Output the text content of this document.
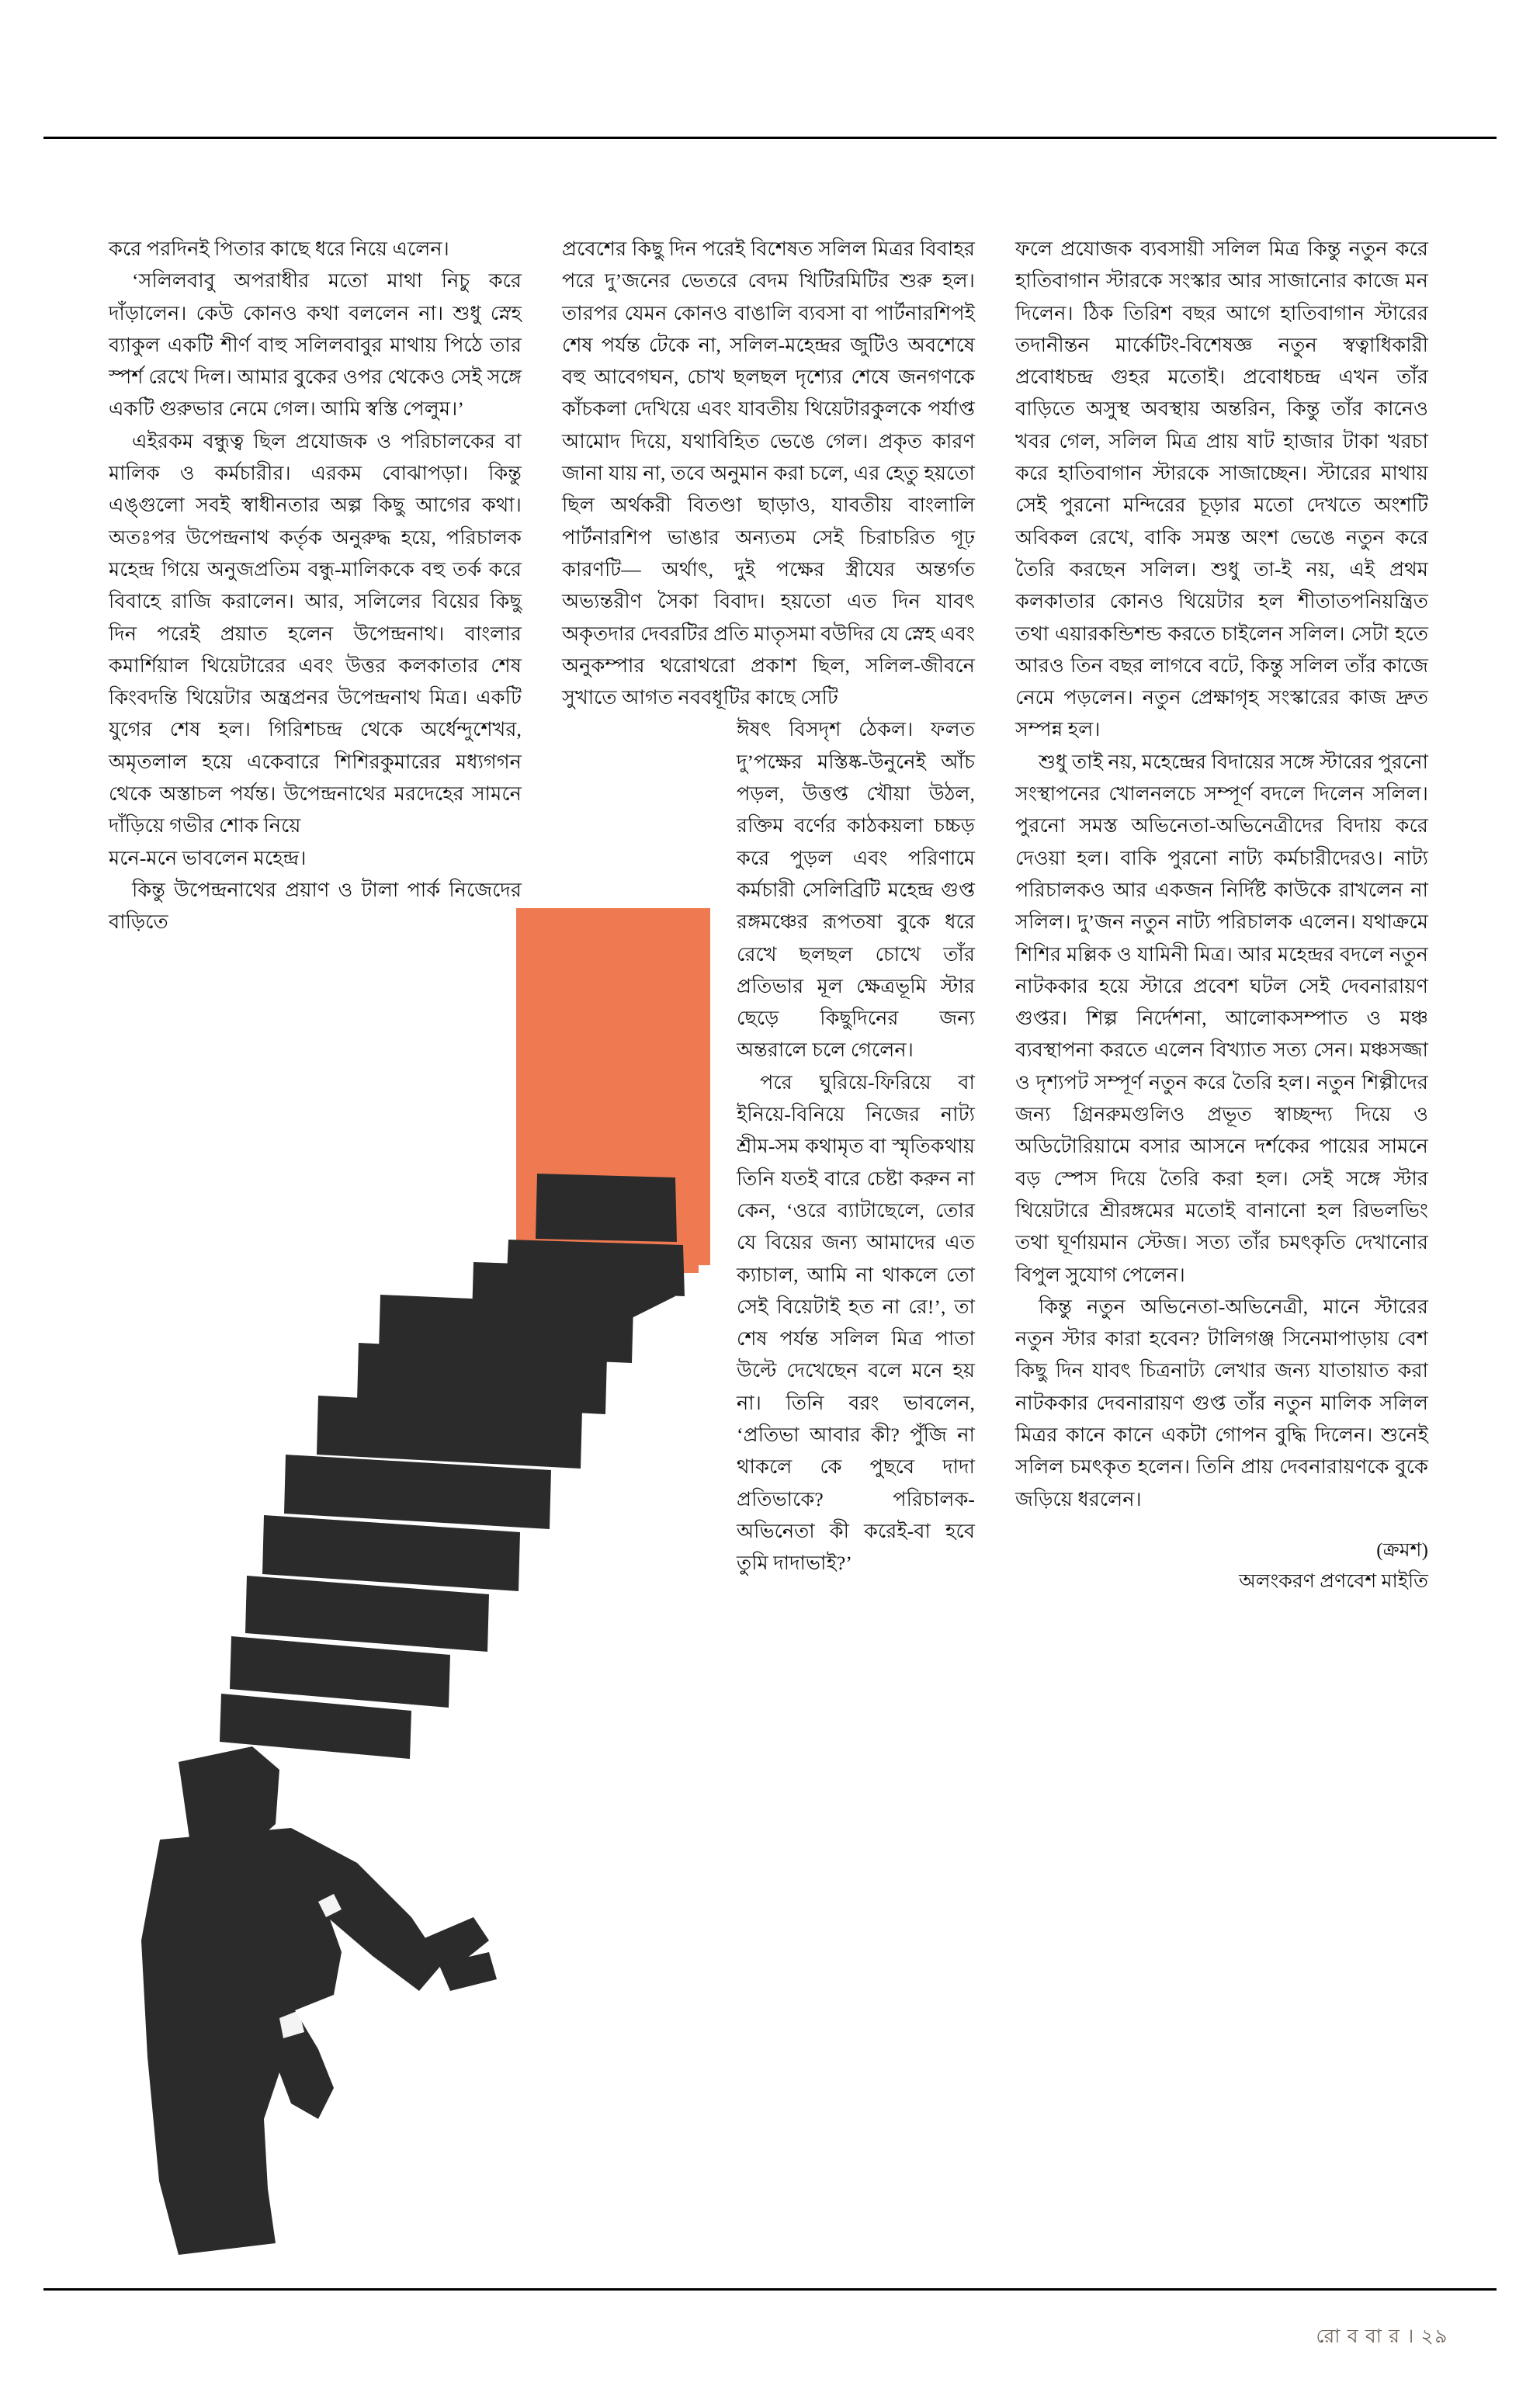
করে পরদিনই পিতার কাছে ধরে নিয়ে এলেন।

‘সলিলবাবু অপরাধীর মতো মাথা নিচু করে দাঁড়ালেন। কেউ কোনও কথা বললেন না। শুধু স্নেহ ব্যাকুল একটি শীর্ণ বাহু সলিলবাবুর মাথায় পিঠে তার স্পর্শ রেখে দিল। আমার বুকের ওপর থেকেও সেই সঙ্গে একটি গুরুভার নেমে গেল। আমি স্বস্তি পেলুম।’

এইরকম বন্ধুত্ব ছিল প্রযোজক ও পরিচালকের বা মালিক ও কর্মচারীর। এরকম বোঝাপড়া। কিন্তু এঙ্গুলো সবই স্বাধীনতার অল্প কিছু আগের কথা। অতঃপর উপেন্দ্রনাথ কর্তৃক অনুরুদ্ধ হয়ে, পরিচালক মহেন্দ্র গিয়ে অনুজপ্রতিম বন্ধু-মালিককে বহু তর্ক করে বিবাহে রাজি করালেন। আর, সলিলের বিয়ের কিছু দিন পরেই প্রয়াত হলেন উপেন্দ্রনাথ। বাংলার কমার্শিয়াল থিয়েটারের এবং উত্তর কলকাতার শেষ কিংবদন্তি থিয়েটার অন্ত্রপ্রনর উপেন্দ্রনাথ মিত্র। একটি যুগের শেষ হল। গিরিশচন্দ্র থেকে অর্ধেন্দুশেখর, অমৃতলাল হয়ে একেবারে শিশিরকুমারের মধ্যগগন থেকে অস্তাচল পর্যন্ত। উপেন্দ্রনাথের মরদেহের সামনে দাঁড়িয়ে গভীর শোক নিয়ে

মনে-মনে ভাবলেন মহেন্দ্র।

কিন্তু উপেন্দ্রনাথের প্রয়াণ ও টালা পার্ক নিজেদের বাড়িতে

প্রবেশের কিছু দিন পরেই বিশেষত সলিল মিত্রর বিবাহর পরে দু’জনের ভেতরে বেদম খিটিরমিটির শুরু হল। তারপর যেমন কোনও বাঙালি ব্যবসা বা পার্টনারশিপই শেষ পর্যন্ত টেকে না, সলিল-মহেন্দ্রর জুটিও অবশেষে বহু আবেগঘন, চোখ ছলছল দৃশ্যের শেষে জনগণকে কাঁচকলা দেখিয়ে এবং যাবতীয় থিয়েটারকুলকে পর্যাপ্ত আমোদ দিয়ে, যথাবিহিত ভেঙে গেল। প্রকৃত কারণ জানা যায় না, তবে অনুমান করা চলে, এর হেতু হয়তো ছিল অর্থকরী বিতণ্ডা ছাড়াও, যাবতীয় বাংলালি পার্টনারশিপ ভাঙার অন্যতম সেই চিরাচরিত গূঢ় কারণটি— অর্থাৎ, দুই পক্ষের স্ত্রীযের অন্তর্গত অভ্যন্তরীণ সৈকা বিবাদ। হয়তো এত দিন যাবৎ অকৃতদার দেবরটির প্রতি মাতৃসমা বউদির যে স্নেহ এবং অনুকম্পার থরোথরো প্রকাশ ছিল, সলিল-জীবনে সুখাতে আগত নববধূটির কাছে সেটি

ঈষৎ বিসদৃশ ঠেকল। ফলত দু’পক্ষের মস্তিষ্ক-উনুনেই আঁচ পড়ল, উত্তপ্ত খৌয়া উঠল, রক্তিম বর্ণের কাঠকয়লা চচ্চড় করে পুড়ল এবং পরিণামে কর্মচারী সেলিব্রিটি মহেন্দ্র গুপ্ত রঙ্গমঞ্চের রূপতষা বুকে ধরে রেখে ছলছল চোখে তাঁর প্রতিভার মূল ক্ষেত্রভূমি স্টার ছেড়ে কিছুদিনের জন্য অন্তরালে চলে গেলেন।

পরে ঘুরিয়ে-ফিরিয়ে বা ইনিয়ে-বিনিয়ে নিজের নাট্য শ্রীম-সম কথামৃত বা স্মৃতিকথায় তিনি যতই বারে চেষ্টা করুন না কেন, ‘ওরে ব্যাটাছেলে, তোর যে বিয়ের জন্য আমাদের এত ক্যাচাল, আমি না থাকলে তো সেই বিয়েটাই হত না রে!’, তা শেষ পর্যন্ত সলিল মিত্র পাতা উল্টে দেখেছেন বলে মনে হয় না। তিনি বরং ভাবলেন, ‘প্রতিভা আবার কী? পুঁজি না থাকলে কে পুছবে দাদা প্রতিভাকে? পরিচালক-অভিনেতা কী করেই-বা হবে তুমি দাদাভাই?’

ফলে প্রযোজক ব্যবসায়ী সলিল মিত্র কিন্তু নতুন করে হাতিবাগান স্টারকে সংস্কার আর সাজানোর কাজে মন দিলেন। ঠিক তিরিশ বছর আগে হাতিবাগান স্টারের তদানীন্তন মার্কেটিং-বিশেষজ্ঞ নতুন স্বত্বাধিকারী প্রবোধচন্দ্র গুহর মতোই। প্রবোধচন্দ্র এখন তাঁর বাড়িতে অসুস্থ অবস্থায় অন্তরিন, কিন্তু তাঁর কানেও খবর গেল, সলিল মিত্র প্রায় ষাট হাজার টাকা খরচা করে হাতিবাগান স্টারকে সাজাচ্ছেন। স্টারের মাথায় সেই পুরনো মন্দিরের চূড়ার মতো দেখতে অংশটি অবিকল রেখে, বাকি সমস্ত অংশ ভেঙে নতুন করে তৈরি করছেন সলিল। শুধু তা-ই নয়, এই প্রথম কলকাতার কোনও থিয়েটার হল শীতাতপনিয়ন্ত্রিত তথা এয়ারকন্ডিশন্ড করতে চাইলেন সলিল। সেটা হতে আরও তিন বছর লাগবে বটে, কিন্তু সলিল তাঁর কাজে নেমে পড়লেন। নতুন প্রেক্ষাগৃহ সংস্কারের কাজ দ্রুত সম্পন্ন হল।

শুধু তাই নয়, মহেন্দ্রের বিদায়ের সঙ্গে স্টারের পুরনো সংস্থাপনের খোলনলচে সম্পূর্ণ বদলে দিলেন সলিল। পুরনো সমস্ত অভিনেতা-অভিনেত্রীদের বিদায় করে দেওয়া হল। বাকি পুরনো নাট্য কর্মচারীদেরও। নাট্য পরিচালকও আর একজন নির্দিষ্ট কাউকে রাখলেন না সলিল। দু’জন নতুন নাট্য পরিচালক এলেন। যথাক্রমে শিশির মল্লিক ও যামিনী মিত্র। আর মহেন্দ্রর বদলে নতুন নাটককার হয়ে স্টারে প্রবেশ ঘটল সেই দেবনারায়ণ গুপ্তর। শিল্প নির্দেশনা, আলোকসম্পাত ও মঞ্চ ব্যবস্থাপনা করতে এলেন বিখ্যাত সত্য সেন। মঞ্চসজ্জা ও দৃশ্যপট সম্পূর্ণ নতুন করে তৈরি হল। নতুন শিল্পীদের জন্য গ্রিনরুমগুলিও প্রভূত স্বাচ্ছন্দ্য দিয়ে ও অডিটোরিয়ামে বসার আসনে দর্শকের পায়ের সামনে বড় স্পেস দিয়ে তৈরি করা হল। সেই সঙ্গে স্টার থিয়েটারে শ্রীরঙ্গমের মতোই বানানো হল রিভলভিং তথা ঘূর্ণায়মান স্টেজ। সত্য তাঁর চমৎকৃতি দেখানোর বিপুল সুযোগ পেলেন।

কিন্তু নতুন অভিনেতা-অভিনেত্রী, মানে স্টারের নতুন স্টার কারা হবেন? টালিগঞ্জ সিনেমাপাড়ায় বেশ কিছু দিন যাবৎ চিত্রনাট্য লেখার জন্য যাতায়াত করা নাটককার দেবনারায়ণ গুপ্ত তাঁর নতুন মালিক সলিল মিত্রর কানে কানে একটা গোপন বুদ্ধি দিলেন। শুনেই সলিল চমৎকৃত হলেন। তিনি প্রায় দেবনারায়ণকে বুকে জড়িয়ে ধরলেন।

(ক্রমশ)
অলংকরণ প্রণবেশ মাইতি
রো ব বা র । ২৯
